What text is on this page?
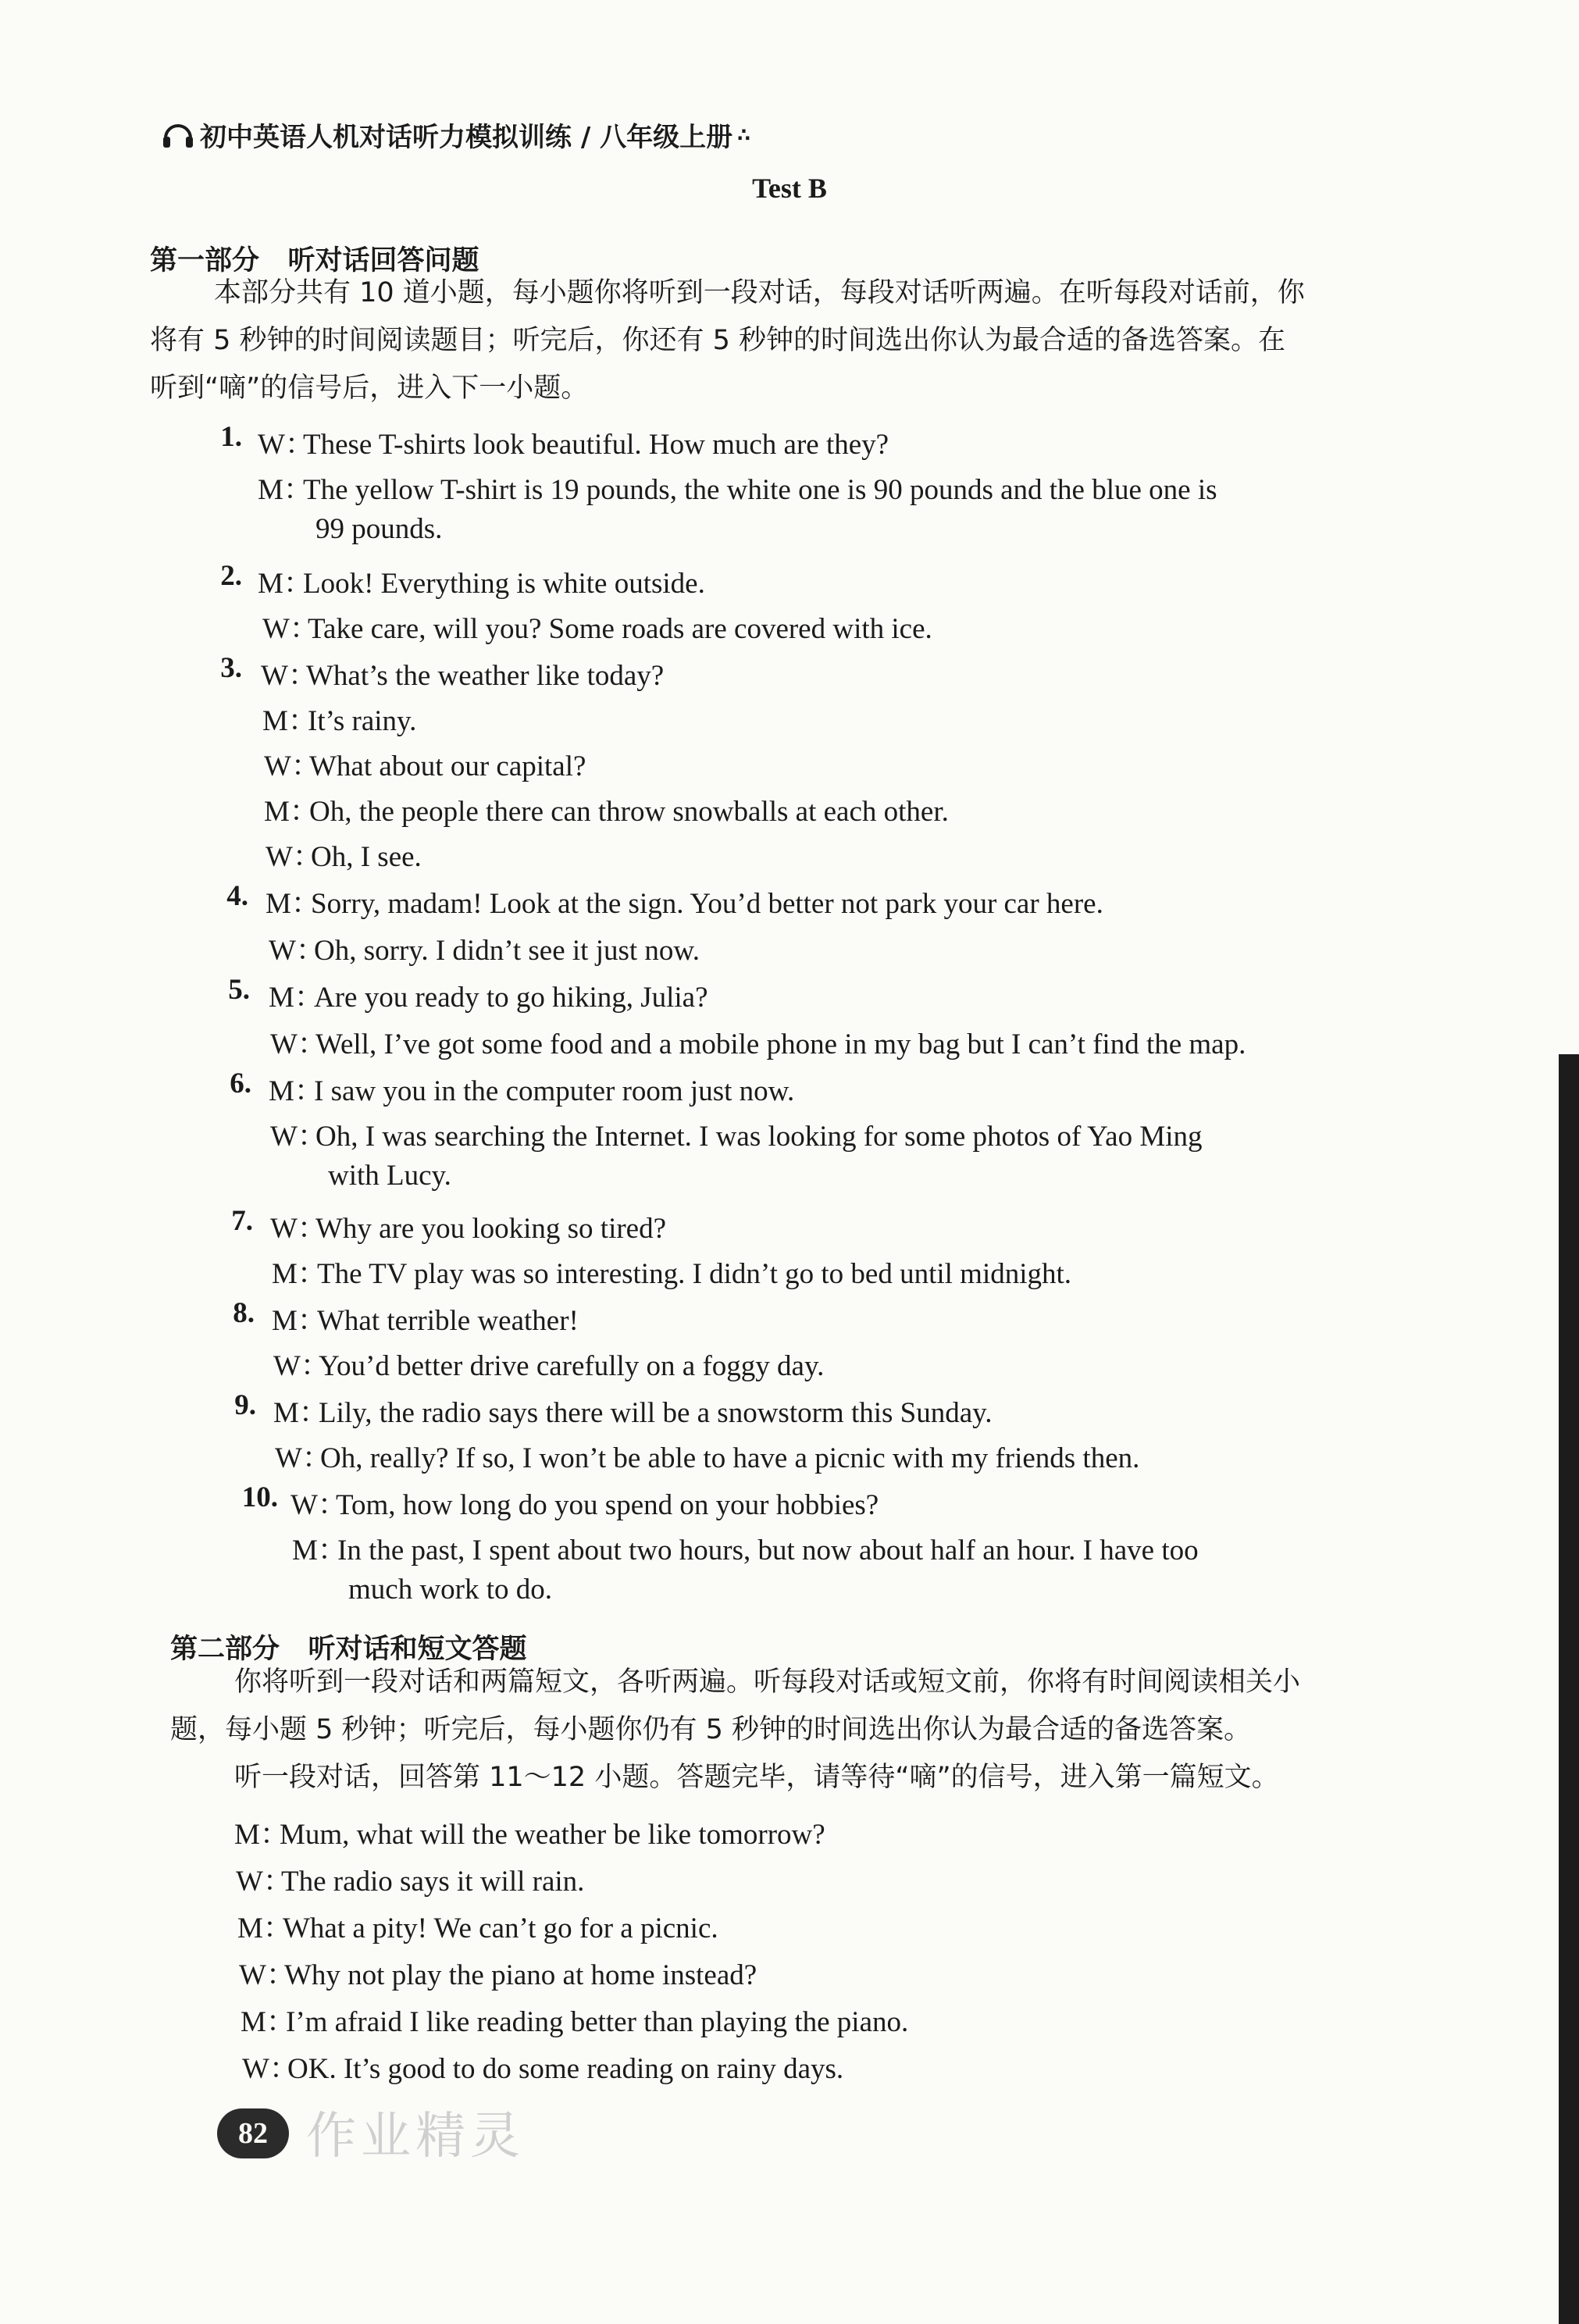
初中英语人机对话听力模拟训练 / 八年级上册 ∴
Test B
第一部分   听对话回答问题
本部分共有 10 道小题，每小题你将听到一段对话，每段对话听两遍。在听每段对话前，你
将有 5 秒钟的时间阅读题目；听完后，你还有 5 秒钟的时间选出你认为最合适的备选答案。在
听到“嘀”的信号后，进入下一小题。
1. W：These T-shirts look beautiful. How much are they?
M：The yellow T-shirt is 19 pounds, the white one is 90 pounds and the blue one is
99 pounds.
2. M：Look! Everything is white outside.
W：Take care, will you? Some roads are covered with ice.
3. W：What’s the weather like today?
M：It’s rainy.
W：What about our capital?
M：Oh, the people there can throw snowballs at each other.
W：Oh, I see.
4. M：Sorry, madam! Look at the sign. You’d better not park your car here.
W：Oh, sorry. I didn’t see it just now.
5. M：Are you ready to go hiking, Julia?
W：Well, I’ve got some food and a mobile phone in my bag but I can’t find the map.
6. M：I saw you in the computer room just now.
W：Oh, I was searching the Internet. I was looking for some photos of Yao Ming
with Lucy.
7. W：Why are you looking so tired?
M：The TV play was so interesting. I didn’t go to bed until midnight.
8. M：What terrible weather!
W：You’d better drive carefully on a foggy day.
9. M：Lily, the radio says there will be a snowstorm this Sunday.
W：Oh, really? If so, I won’t be able to have a picnic with my friends then.
10. W：Tom, how long do you spend on your hobbies?
M：In the past, I spent about two hours, but now about half an hour. I have too
much work to do.
第二部分   听对话和短文答题
你将听到一段对话和两篇短文，各听两遍。听每段对话或短文前，你将有时间阅读相关小
题，每小题 5 秒钟；听完后，每小题你仍有 5 秒钟的时间选出你认为最合适的备选答案。
听一段对话，回答第 11～12 小题。答题完毕，请等待“嘀”的信号，进入第一篇短文。
M：Mum, what will the weather be like tomorrow?
W：The radio says it will rain.
M：What a pity! We can’t go for a picnic.
W：Why not play the piano at home instead?
M：I’m afraid I like reading better than playing the piano.
W：OK. It’s good to do some reading on rainy days.
82 作业精灵
